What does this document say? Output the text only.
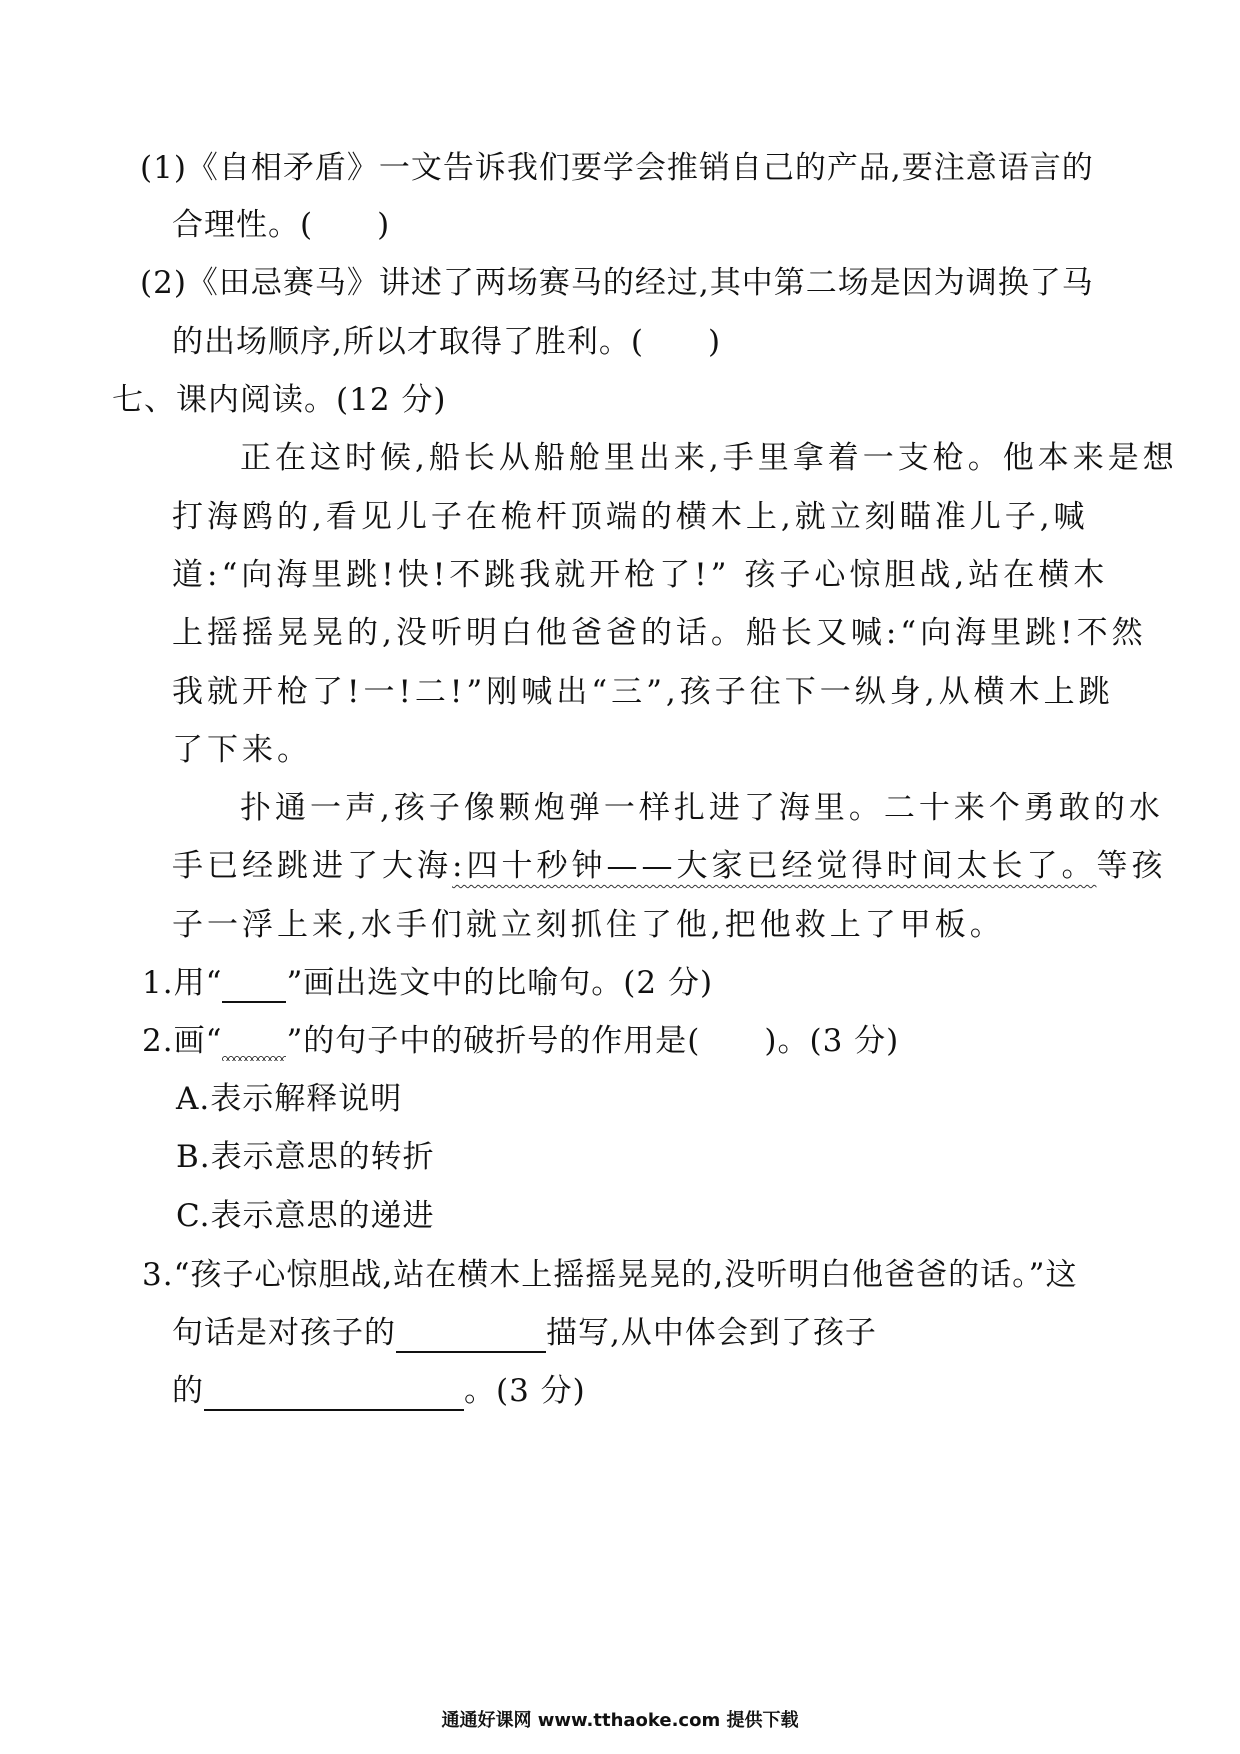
(1)《自相矛盾》一文告诉我们要学会推销自己的产品,要注意语言的
合理性。( )
(2)《田忌赛马》讲述了两场赛马的经过,其中第二场是因为调换了马
的出场顺序,所以才取得了胜利。( )
七、课内阅读。(12 分)
正在这时候,船长从船舱里出来,手里拿着一支枪。他本来是想
打海鸥的,看见儿子在桅杆顶端的横木上,就立刻瞄准儿子,喊
道:“向海里跳!快!不跳我就开枪了!” 孩子心惊胆战,站在横木
上摇摇晃晃的,没听明白他爸爸的话。船长又喊:“向海里跳!不然
我就开枪了!一!二!”刚喊出“三”,孩子往下一纵身,从横木上跳
了下来。
扑通一声,孩子像颗炮弹一样扎进了海里。二十来个勇敢的水
手已经跳进了大海:四十秒钟——大家已经觉得时间太长了。等孩
子一浮上来,水手们就立刻抓住了他,把他救上了甲板。
1.用“ ”画出选文中的比喻句。(2 分)
2.画“ ”的句子中的破折号的作用是( )。(3 分)
A.表示解释说明
B.表示意思的转折
C.表示意思的递进
3.“孩子心惊胆战,站在横木上摇摇晃晃的,没听明白他爸爸的话。”这
句话是对孩子的	描写,从中体会到了孩子
的	。(3 分)
通通好课网 www.tthaoke.com 提供下载
